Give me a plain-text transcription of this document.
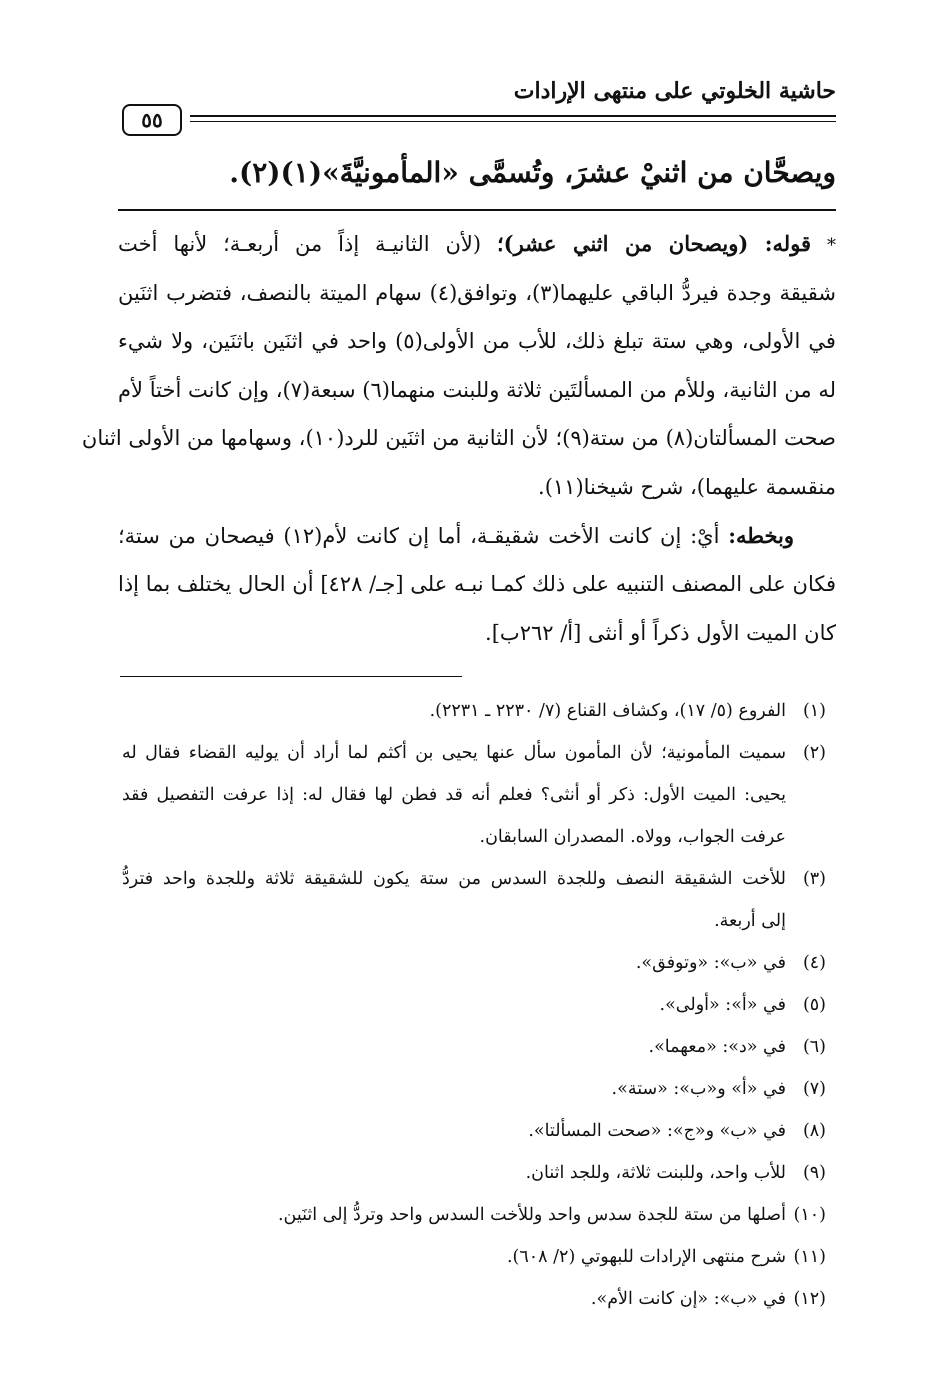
حاشية الخلوتي على منتهى الإرادات
٥٥
ويصحَّان من اثنيْ عشرَ، وتُسمَّى «المأمونيَّةَ»(١)(٢).
* قوله: (ويصحان من اثني عشر)؛ (لأن الثانيـة إذاً من أربعـة؛ لأنها أخت
شقيقة وجدة فيردُّ الباقي عليهما(٣)، وتوافق(٤) سهام الميتة بالنصف، فتضرب اثنَين
في الأولى، وهي ستة تبلغ ذلك، للأب من الأولى(٥) واحد في اثنَين باثنَين، ولا شيء
له من الثانية، وللأم من المسألتَين ثلاثة وللبنت منهما(٦) سبعة(٧)، وإن كانت أختاً لأم
صحت المسألتان(٨) من ستة(٩)؛ لأن الثانية من اثنَين للرد(١٠)، وسهامها من الأولى اثنان
منقسمة عليهما)، شرح شيخنا(١١).
  وبخطه: أيْ: إن كانت الأخت شقيقـة، أما إن كانت لأم(١٢) فيصحان من ستة؛
فكان على المصنف التنبيه على ذلك كمـا نبـه على [جـ/ ٤٢٨] أن الحال يختلف بما إذا
كان الميت الأول ذكراً أو أنثى [أ/ ٢٦٢ب].
(١)
الفروع (٥/ ١٧)، وكشاف القناع (٧/ ٢٢٣٠ ـ ٢٢٣١).
(٢)
سميت المأمونية؛ لأن المأمون سأل عنها يحيى بن أكثم لما أراد أن يوليه القضاء فقال له
يحيى: الميت الأول: ذكر أو أنثى؟ فعلم أنه قد فطن لها فقال له: إذا عرفت التفصيل فقد
عرفت الجواب، وولاه. المصدران السابقان.
(٣)
للأخت الشقيقة النصف وللجدة السدس من ستة يكون للشقيقة ثلاثة وللجدة واحد فتردُّ
إلى أربعة.
(٤)
في «ب»: «وتوفق».
(٥)
في «أ»: «أولى».
(٦)
في «د»: «معهما».
(٧)
في «أ» و«ب»: «ستة».
(٨)
في «ب» و«ج»: «صحت المسألتا».
(٩)
للأب واحد، وللبنت ثلاثة، وللجد اثنان.
(١٠)
أصلها من ستة للجدة سدس واحد وللأخت السدس واحد وتردُّ إلى اثنَين.
(١١)
شرح منتهى الإرادات للبهوتي (٢/ ٦٠٨).
(١٢)
في «ب»: «إن كانت الأم».
